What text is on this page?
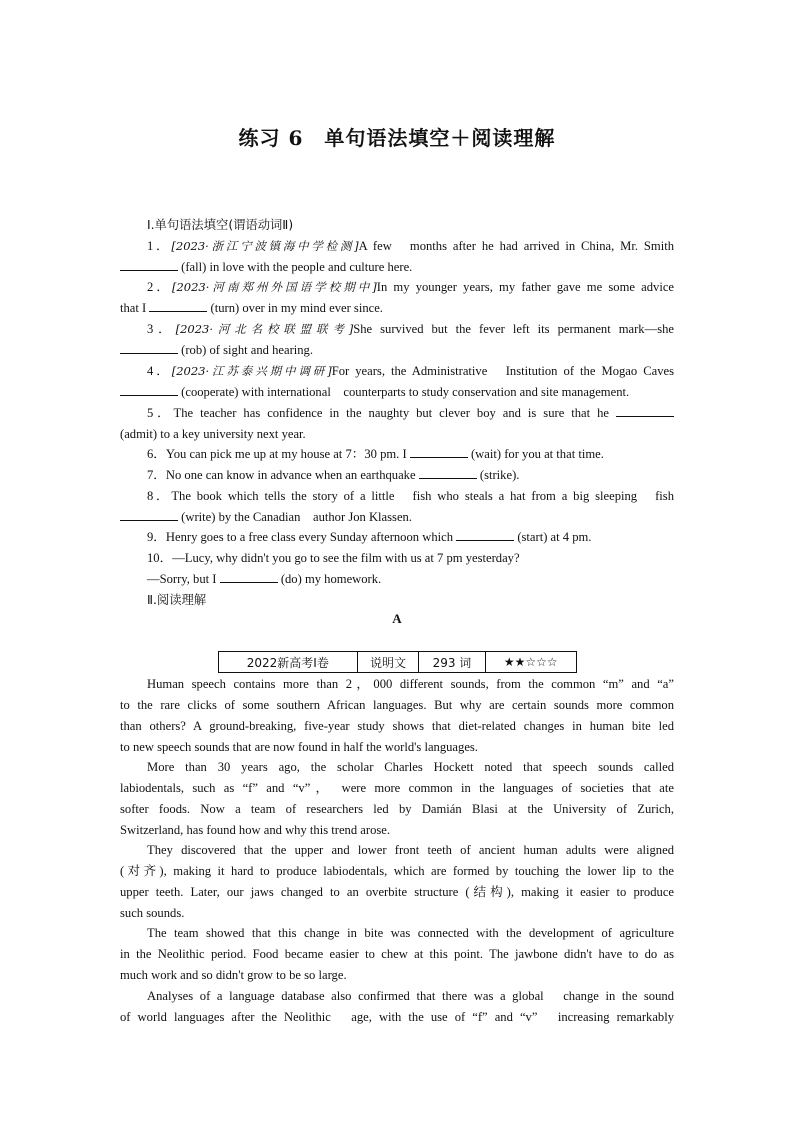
练习 6　单句语法填空＋阅读理解
Ⅰ.单句语法填空(谓语动词Ⅱ)
1．[2023·浙江宁波镇海中学检测]A few　months after he had arrived in China, Mr. Smith
(fall) in love with the people and culture here.
2．[2023·河南郑州外国语学校期中]In my younger years, my father gave me some advice
that I	(turn) over in my mind ever since.
3．[2023·河北名校联盟联考]She survived but the fever left its permanent mark—she
(rob) of sight and hearing.
4．[2023·江苏泰兴期中调研]For years, the Administrative　Institution of the Mogao Caves
(cooperate) with international　counterparts to study conservation and site management.
5．The teacher has confidence in the naughty but clever boy and is sure that he
(admit) to a key university next year.
6．You can pick me up at my house at 7：30 pm. I	(wait) for you at that time.
7．No one can know in advance when an earthquake	(strike).
8．The book which tells the story of a little　fish who steals a hat from a big sleeping　fish
(write) by the Canadian　author Jon Klassen.
9．Henry goes to a free class every Sunday afternoon which	(start) at 4 pm.
10．—Lucy, why didn't you go to see the film with us at 7 pm yesterday?
—Sorry, but I	(do) my homework.
Ⅱ.阅读理解
A
2022新高考Ⅰ卷	说明文	293 词	★★☆☆☆
Human speech contains more than 2，000 different sounds, from the common “m” and “a”
to the rare clicks of some southern African languages. But why are certain sounds more common
than others? A ground-breaking, five-year study shows that diet-related changes in human bite led
to new speech sounds that are now found in half the world's languages.
More than 30 years ago, the scholar Charles Hockett noted that speech sounds called
labiodentals, such as “f” and “v”， were more common in the languages of societies that ate
softer foods. Now a team of researchers led by Damián Blasi at the University of Zurich,
Switzerland, has found how and why this trend arose.
They discovered that the upper and lower front teeth of ancient human adults were aligned
(对齐), making it hard to produce labiodentals, which are formed by touching the lower lip to the
upper teeth. Later, our jaws changed to an overbite structure (结构), making it easier to produce
such sounds.
The team showed that this change in bite was connected with the development of agriculture
in the Neolithic period. Food became easier to chew at this point. The jawbone didn't have to do as
much work and so didn't grow to be so large.
Analyses of a language database also confirmed that there was a global　change in the sound
of world languages after the Neolithic　age, with the use of “f” and “v”　increasing remarkably
